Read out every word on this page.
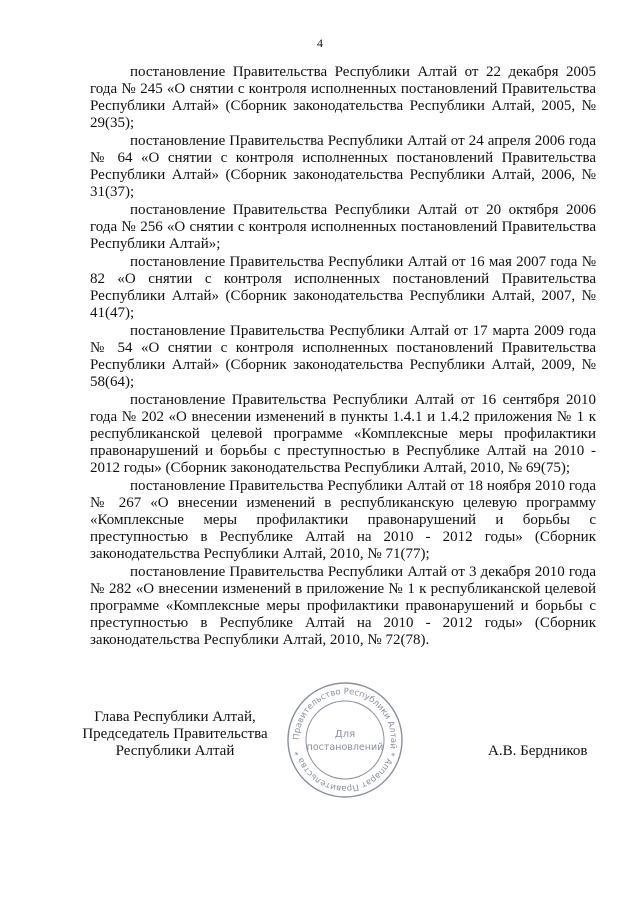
4

постановление Правительства Республики Алтай от 22 декабря 2005 года № 245 «О снятии с контроля исполненных постановлений Правительства Республики Алтай» (Сборник законодательства Республики Алтай, 2005, № 29(35);

постановление Правительства Республики Алтай от 24 апреля 2006 года № 64 «О снятии с контроля исполненных постановлений Правительства Республики Алтай» (Сборник законодательства Республики Алтай, 2006, № 31(37);

постановление Правительства Республики Алтай от 20 октября 2006 года № 256 «О снятии с контроля исполненных постановлений Правительства Республики Алтай»;

постановление Правительства Республики Алтай от 16 мая 2007 года № 82 «О снятии с контроля исполненных постановлений Правительства Республики Алтай» (Сборник законодательства Республики Алтай, 2007, № 41(47);

постановление Правительства Республики Алтай от 17 марта 2009 года № 54 «О снятии с контроля исполненных постановлений Правительства Республики Алтай» (Сборник законодательства Республики Алтай, 2009, № 58(64);

постановление Правительства Республики Алтай от 16 сентября 2010 года № 202 «О внесении изменений в пункты 1.4.1 и 1.4.2 приложения № 1 к республиканской целевой программе «Комплексные меры профилактики правонарушений и борьбы с преступностью в Республике Алтай на 2010 - 2012 годы» (Сборник законодательства Республики Алтай, 2010, № 69(75);

постановление Правительства Республики Алтай от 18 ноября 2010 года № 267 «О внесении изменений в республиканскую целевую программу «Комплексные меры профилактики правонарушений и борьбы с преступностью в Республике Алтай на 2010 - 2012 годы» (Сборник законодательства Республики Алтай, 2010, № 71(77);

постановление Правительства Республики Алтай от 3 декабря 2010 года № 282 «О внесении изменений в приложение № 1 к республиканской целевой программе «Комплексные меры профилактики правонарушений и борьбы с преступностью в Республике Алтай на 2010 - 2012 годы» (Сборник законодательства Республики Алтай, 2010, № 72(78).

Глава Республики Алтай,
Председатель Правительства
Республики Алтай
Правительство Республики Алтай * Аппарат Правительства *
Для
постановлений	А.В. Бердников
